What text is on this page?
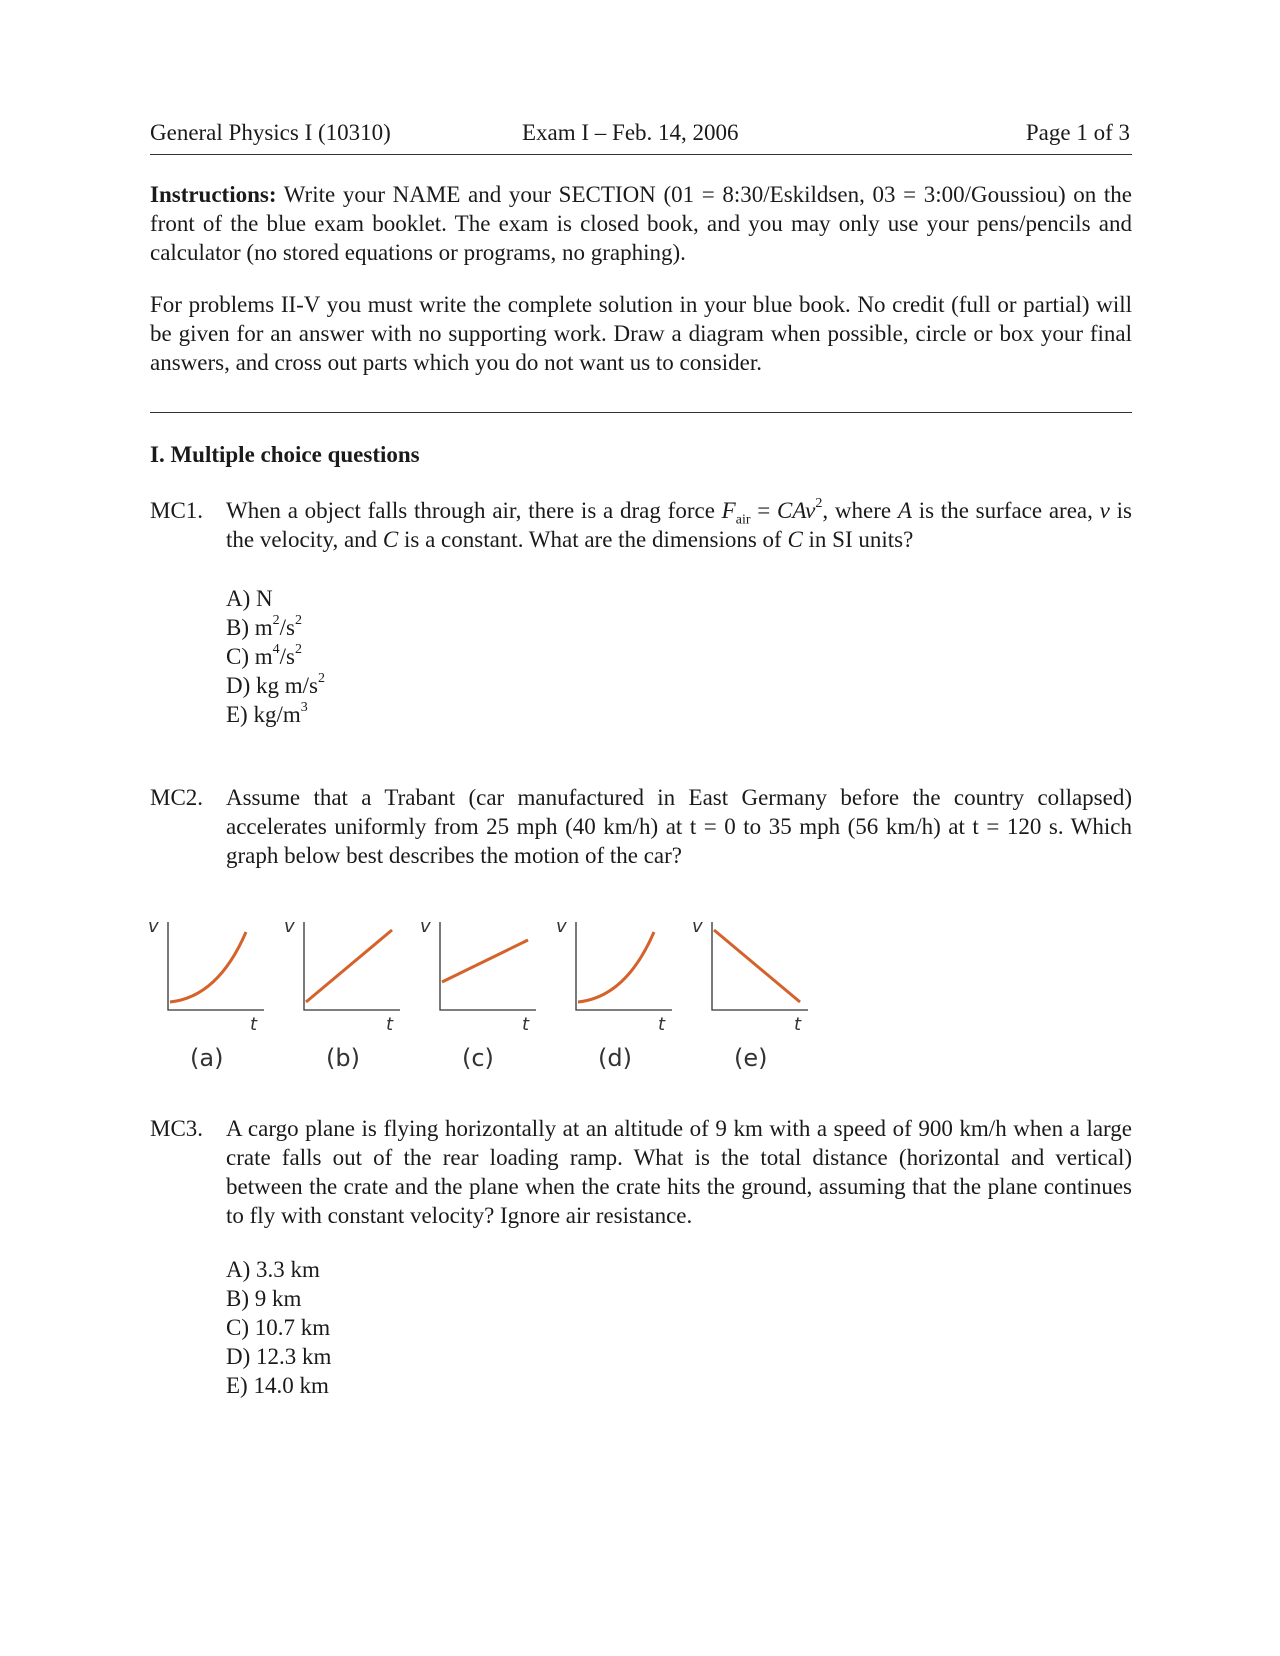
General Physics I (10310)	Exam I – Feb. 14, 2006	Page 1 of 3
Instructions: Write your NAME and your SECTION (01 = 8:30/Eskildsen, 03 = 3:00/Goussiou) on the front of the blue exam booklet. The exam is closed book, and you may only use your pens/pencils and calculator (no stored equations or programs, no graphing).
For problems II-V you must write the complete solution in your blue book. No credit (full or partial) will be given for an answer with no supporting work. Draw a diagram when possible, circle or box your final answers, and cross out parts which you do not want us to consider.
I. Multiple choice questions
MC1. When a object falls through air, there is a drag force $F_{air} = CAv^2$, where A is the surface area, v is the velocity, and C is a constant. What are the dimensions of C in SI units?
A) N
B) $m^2/s^2$
C) $m^4/s^2$
D) kg $m/s^2$
E) $kg/m^3$
MC2. Assume that a Trabant (car manufactured in East Germany before the country collapsed) accelerates uniformly from 25 mph (40 km/h) at t = 0 to 35 mph (56 km/h) at t = 120 s. Which graph below best describes the motion of the car?
MC3. A cargo plane is flying horizontally at an altitude of 9 km with a speed of 900 km/h when a large crate falls out of the rear loading ramp. What is the total distance (horizontal and vertical) between the crate and the plane when the crate hits the ground, assuming that the plane continues to fly with constant velocity? Ignore air resistance.
A) 3.3 km
B) 9 km
C) 10.7 km
D) 12.3 km
E) 14.0 km
v
t
(a)
v
t
(b)
v
t
(c)
v
t
(d)
v
t
(e)
